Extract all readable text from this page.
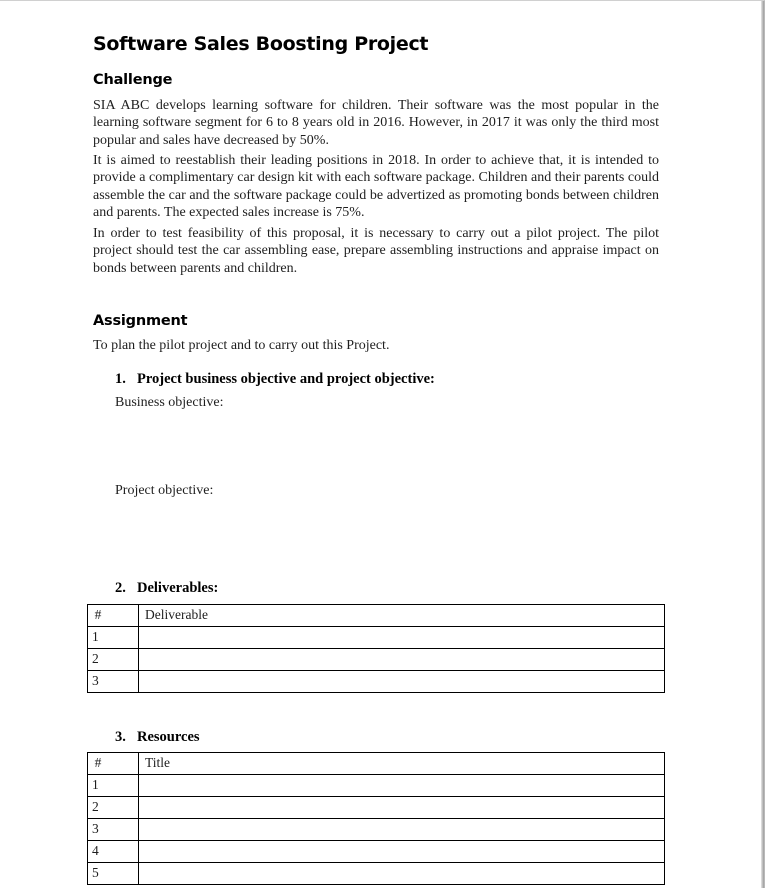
Software Sales Boosting Project
Challenge

SIA ABC develops learning software for children. Their software was the most popular in the learning software segment for 6 to 8 years old in 2016. However, in 2017 it was only the third most popular and sales have decreased by 50%.

It is aimed to reestablish their leading positions in 2018. In order to achieve that, it is intended to provide a complimentary car design kit with each software package. Children and their parents could assemble the car and the software package could be advertized as promoting bonds between children and parents. The expected sales increase is 75%.

In order to test feasibility of this proposal, it is necessary to carry out a pilot project. The pilot project should test the car assembling ease, prepare assembling instructions and appraise impact on bonds between parents and children.

Assignment

To plan the pilot project and to carry out this Project.

1. Project business objective and project objective:

Business objective:

Project objective:

2. Deliverables:

#	Deliverable
1	
2	
3	

3. Resources

#	Title
1	
2	
3	
4	
5	
